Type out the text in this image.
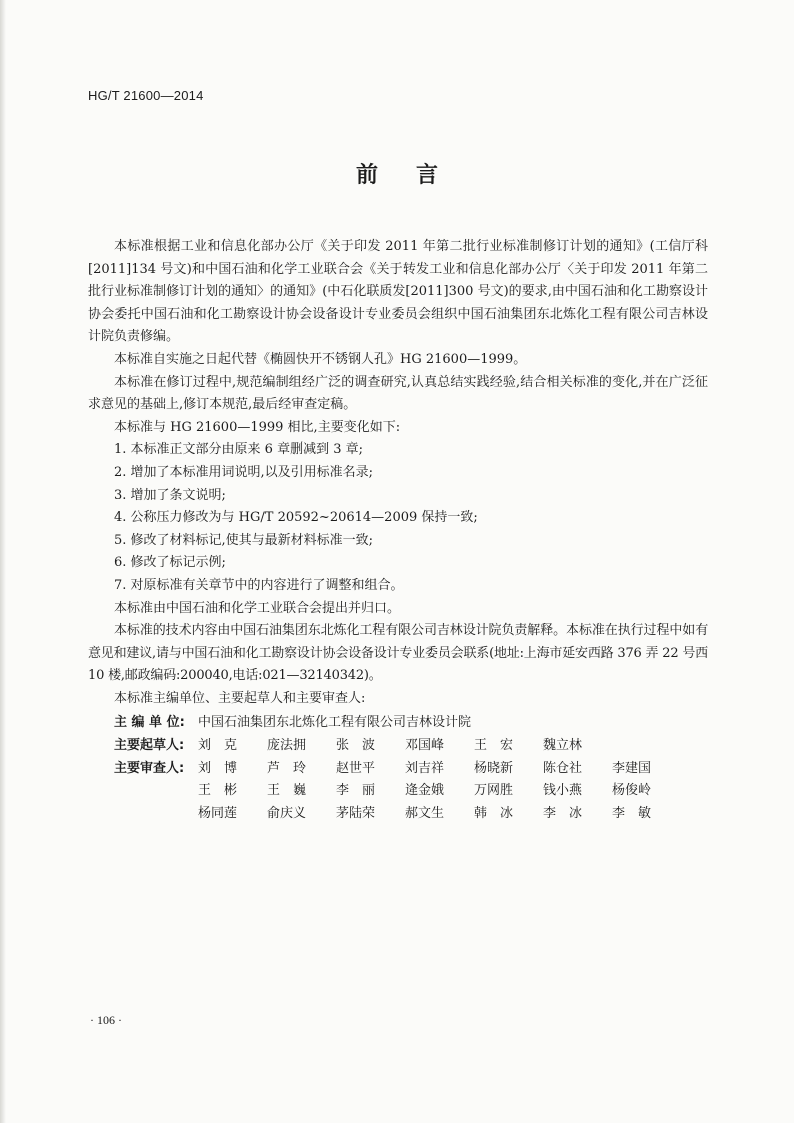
HG/T 21600—2014
前言

本标准根据工业和信息化部办公厅《关于印发 2011 年第二批行业标准制修订计划的通知》(工信厅科[2011]134 号文)和中国石油和化学工业联合会《关于转发工业和信息化部办公厅〈关于印发 2011 年第二批行业标准制修订计划的通知〉的通知》(中石化联质发[2011]300 号文)的要求,由中国石油和化工勘察设计协会委托中国石油和化工勘察设计协会设备设计专业委员会组织中国石油集团东北炼化工程有限公司吉林设计院负责修编。

本标准自实施之日起代替《椭圆快开不锈钢人孔》HG 21600—1999。

本标准在修订过程中,规范编制组经广泛的调查研究,认真总结实践经验,结合相关标准的变化,并在广泛征求意见的基础上,修订本规范,最后经审查定稿。

本标准与 HG 21600—1999 相比,主要变化如下:

1. 本标准正文部分由原来 6 章删减到 3 章;

2. 增加了本标准用词说明,以及引用标准名录;

3. 增加了条文说明;

4. 公称压力修改为与 HG/T 20592~20614—2009 保持一致;

5. 修改了材料标记,使其与最新材料标准一致;

6. 修改了标记示例;

7. 对原标准有关章节中的内容进行了调整和组合。

本标准由中国石油和化学工业联合会提出并归口。

本标准的技术内容由中国石油集团东北炼化工程有限公司吉林设计院负责解释。本标准在执行过程中如有意见和建议,请与中国石油和化工勘察设计协会设备设计专业委员会联系(地址:上海市延安西路 376 弄 22 号西 10 楼,邮政编码:200040,电话:021—32140342)。

本标准主编单位、主要起草人和主要审查人:

主 编 单 位:	中国石油集团东北炼化工程有限公司吉林设计院
主要起草人:	刘　克	庞法拥	张　波	邓国峰	王　宏	魏立林
主要审查人:	刘　博	芦　玲	赵世平	刘吉祥	杨晓新	陈仓社	李建国
王　彬	王　巍	李　丽	逄金娥	万网胜	钱小燕	杨俊岭
杨同莲	俞庆义	茅陆荣	郝文生	韩　冰	李　冰	李　敏
· 106 ·
